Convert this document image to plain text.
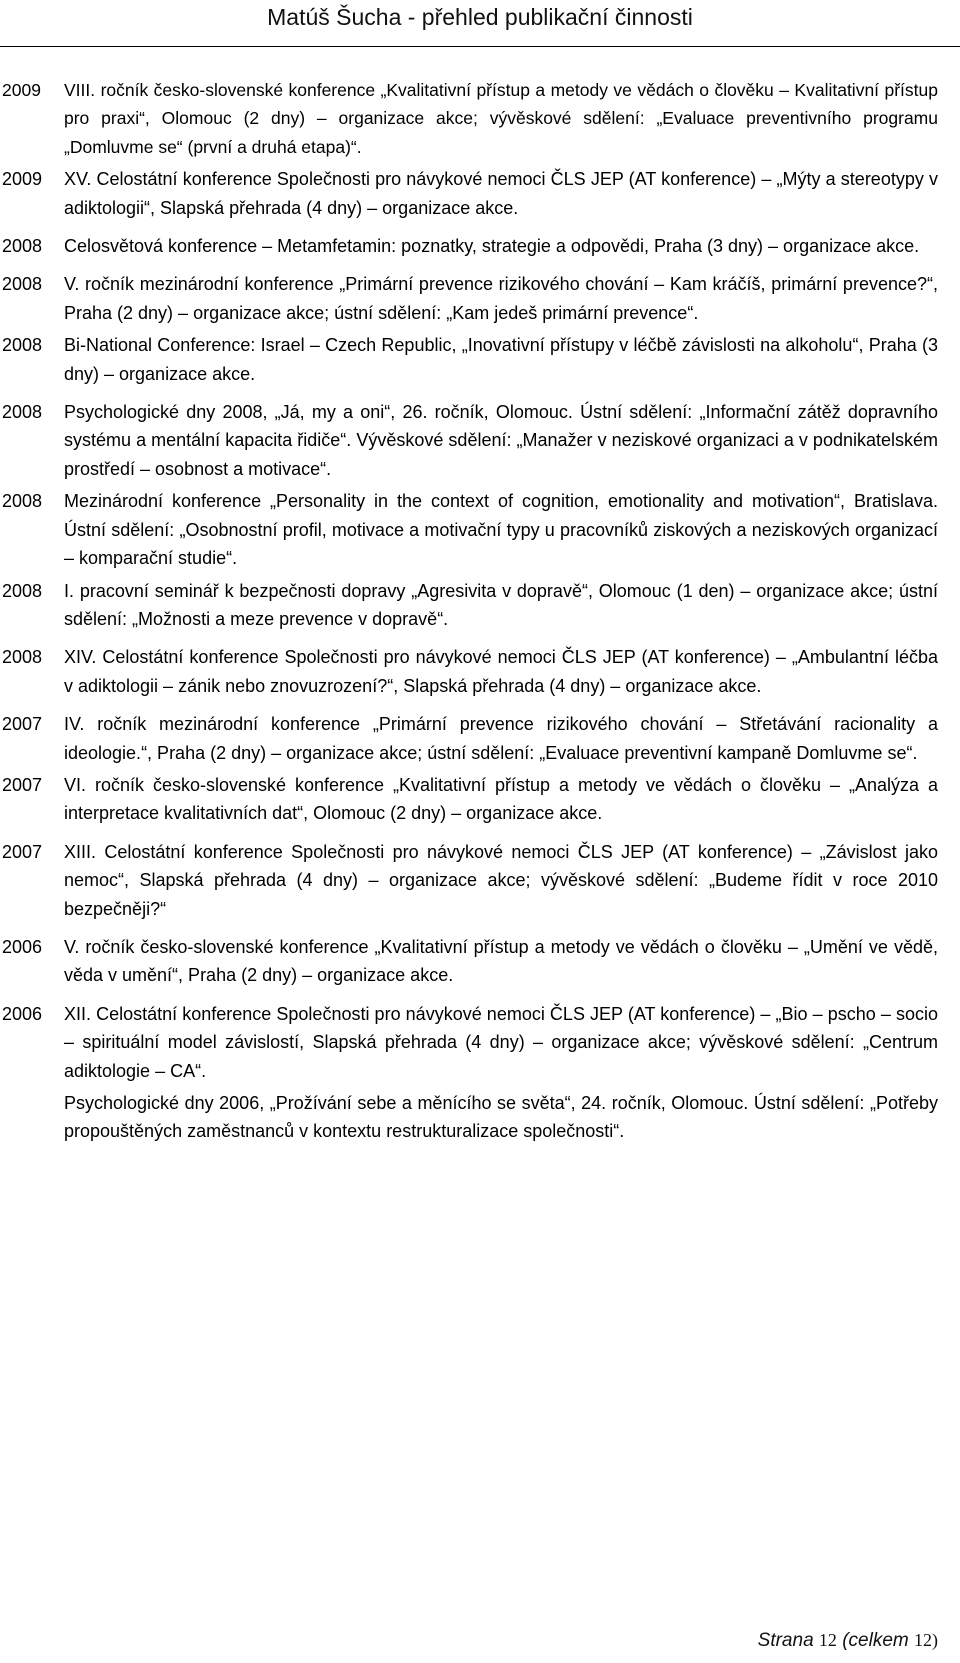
Matúš Šucha - přehled publikační činnosti
2009	VIII. ročník česko-slovenské konference „Kvalitativní přístup a metody ve vědách o člověku – Kvalitativní přístup pro praxi“, Olomouc (2 dny) – organizace akce; vývěskové sdělení: „Evaluace preventivního programu „Domluvme se“ (první a druhá etapa)“.
2009	XV. Celostátní konference Společnosti pro návykové nemoci ČLS JEP (AT konference) – „Mýty a stereotypy v adiktologii“, Slapská přehrada (4 dny) – organizace akce.
2008	Celosvětová konference – Metamfetamin: poznatky, strategie a odpovědi, Praha (3 dny) – organizace akce.
2008	V. ročník mezinárodní konference „Primární prevence rizikového chování – Kam kráčíš, primární prevence?“, Praha (2 dny) – organizace akce; ústní sdělení: „Kam jedeš primární prevence“.
2008	Bi-National Conference: Israel – Czech Republic, „Inovativní přístupy v léčbě závislosti na alkoholu“, Praha (3 dny) – organizace akce.
2008	Psychologické dny 2008, „Já, my a oni“, 26. ročník, Olomouc. Ústní sdělení: „Informační zátěž dopravního systému a mentální kapacita řidiče“. Vývěskové sdělení: „Manažer v neziskové organizaci a v podnikatelském prostředí – osobnost a motivace“.
2008	Mezinárodní konference „Personality in the context of cognition, emotionality and motivation“, Bratislava. Ústní sdělení: „Osobnostní profil, motivace a motivační typy u pracovníků ziskových a neziskových organizací – komparační studie“.
2008	I. pracovní seminář k bezpečnosti dopravy „Agresivita v dopravě“, Olomouc (1 den) – organizace akce; ústní sdělení: „Možnosti a meze prevence v dopravě“.
2008	XIV. Celostátní konference Společnosti pro návykové nemoci ČLS JEP (AT konference) – „Ambulantní léčba v adiktologii – zánik nebo znovuzrození?“, Slapská přehrada (4 dny) – organizace akce.
2007	IV. ročník mezinárodní konference „Primární prevence rizikového chování – Střetávání racionality a ideologie.“, Praha (2 dny) – organizace akce; ústní sdělení: „Evaluace preventivní kampaně Domluvme se“.
2007	VI. ročník česko-slovenské konference „Kvalitativní přístup a metody ve vědách o člověku – „Analýza a interpretace kvalitativních dat“, Olomouc (2 dny) – organizace akce.
2007	XIII. Celostátní konference Společnosti pro návykové nemoci ČLS JEP (AT konference) – „Závislost jako nemoc“, Slapská přehrada (4 dny) – organizace akce; vývěskové sdělení: „Budeme řídit v roce 2010 bezpečněji?“
2006	V. ročník česko-slovenské konference „Kvalitativní přístup a metody ve vědách o člověku – „Umění ve vědě, věda v umění“, Praha (2 dny) – organizace akce.
2006	XII. Celostátní konference Společnosti pro návykové nemoci ČLS JEP (AT konference) – „Bio – pscho – socio – spirituální model závislostí, Slapská přehrada (4 dny) – organizace akce; vývěskové sdělení: „Centrum adiktologie – CA“.
Psychologické dny 2006, „Prožívání sebe a měnícího se světa“, 24. ročník, Olomouc. Ústní sdělení: „Potřeby propouštěných zaměstnanců v kontextu restrukturalizace společnosti“.
Strana 12 (celkem 12)
